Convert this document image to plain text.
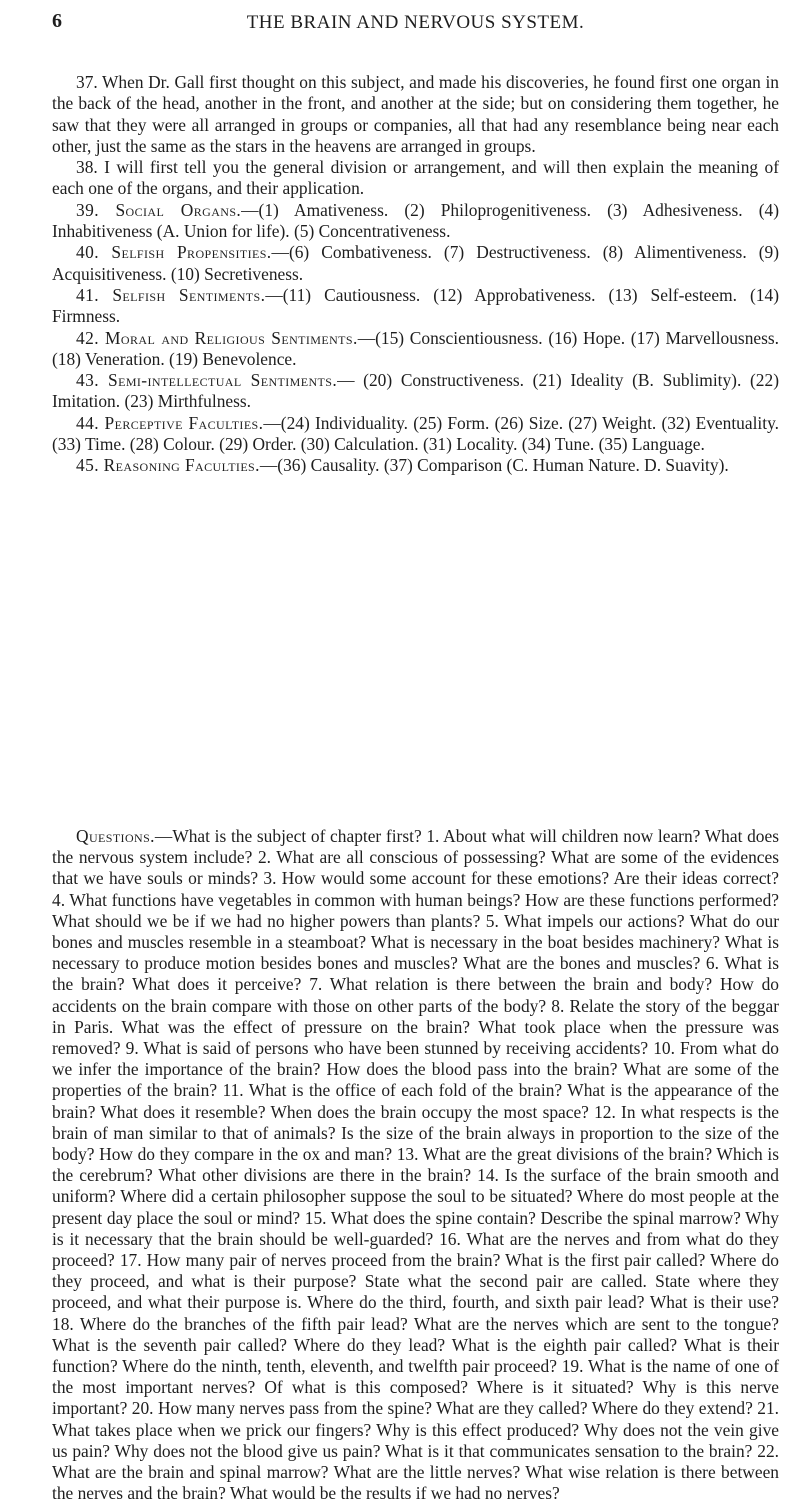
6	THE BRAIN AND NERVOUS SYSTEM.

37. When Dr. Gall first thought on this subject, and made his discoveries, he found first one organ in the back of the head, another in the front, and another at the side; but on considering them together, he saw that they were all arranged in groups or companies, all that had any resemblance being near each other, just the same as the stars in the heavens are arranged in groups.

38. I will first tell you the general division or arrangement, and will then explain the meaning of each one of the organs, and their application.

39. Social Organs.—(1) Amativeness. (2) Philoprogenitiveness. (3) Adhesiveness. (4) Inhabitiveness (A. Union for life). (5) Concentrativeness.

40. Selfish Propensities.—(6) Combativeness. (7) Destructiveness. (8) Alimentiveness. (9) Acquisitiveness. (10) Secretiveness.

41. Selfish Sentiments.—(11) Cautiousness. (12) Approbativeness. (13) Self-esteem. (14) Firmness.

42. Moral and Religious Sentiments.—(15) Conscientiousness. (16) Hope. (17) Marvellousness. (18) Veneration. (19) Benevolence.

43. Semi-intellectual Sentiments.— (20) Constructiveness. (21) Ideality (B. Sublimity). (22) Imitation. (23) Mirthfulness.

44. Perceptive Faculties.—(24) Individuality. (25) Form. (26) Size. (27) Weight. (32) Eventuality. (33) Time. (28) Colour. (29) Order. (30) Calculation. (31) Locality. (34) Tune. (35) Language.

45. Reasoning Faculties.—(36) Causality. (37) Comparison (C. Human Nature. D. Suavity).

Questions.—What is the subject of chapter first? 1. About what will children now learn? What does the nervous system include? 2. What are all conscious of possessing? What are some of the evidences that we have souls or minds? 3. How would some account for these emotions? Are their ideas correct? 4. What functions have vegetables in common with human beings? How are these functions performed? What should we be if we had no higher powers than plants? 5. What impels our actions? What do our bones and muscles resemble in a steamboat? What is necessary in the boat besides machinery? What is necessary to produce motion besides bones and muscles? What are the bones and muscles? 6. What is the brain? What does it perceive? 7. What relation is there between the brain and body? How do accidents on the brain compare with those on other parts of the body? 8. Relate the story of the beggar in Paris. What was the effect of pressure on the brain? What took place when the pressure was removed? 9. What is said of persons who have been stunned by receiving accidents? 10. From what do we infer the importance of the brain? How does the blood pass into the brain? What are some of the properties of the brain? 11. What is the office of each fold of the brain? What is the appearance of the brain? What does it resemble? When does the brain occupy the most space? 12. In what respects is the brain of man similar to that of animals? Is the size of the brain always in proportion to the size of the body? How do they compare in the ox and man? 13. What are the great divisions of the brain? Which is the cerebrum? What other divisions are there in the brain? 14. Is the surface of the brain smooth and uniform? Where did a certain philosopher suppose the soul to be situated? Where do most people at the present day place the soul or mind? 15. What does the spine contain? Describe the spinal marrow? Why is it necessary that the brain should be well-guarded? 16. What are the nerves and from what do they proceed? 17. How many pair of nerves proceed from the brain? What is the first pair called? Where do they proceed, and what is their purpose? State what the second pair are called. State where they proceed, and what their purpose is. Where do the third, fourth, and sixth pair lead? What is their use? 18. Where do the branches of the fifth pair lead? What are the nerves which are sent to the tongue? What is the seventh pair called? Where do they lead? What is the eighth pair called? What is their function? Where do the ninth, tenth, eleventh, and twelfth pair proceed? 19. What is the name of one of the most important nerves? Of what is this composed? Where is it situated? Why is this nerve important? 20. How many nerves pass from the spine? What are they called? Where do they extend? 21. What takes place when we prick our fingers? Why is this effect produced? Why does not the vein give us pain? Why does not the blood give us pain? What is it that communicates sensation to the brain? 22. What are the brain and spinal marrow? What are the little nerves? What wise relation is there between the nerves and the brain? What would be the results if we had no nerves?
